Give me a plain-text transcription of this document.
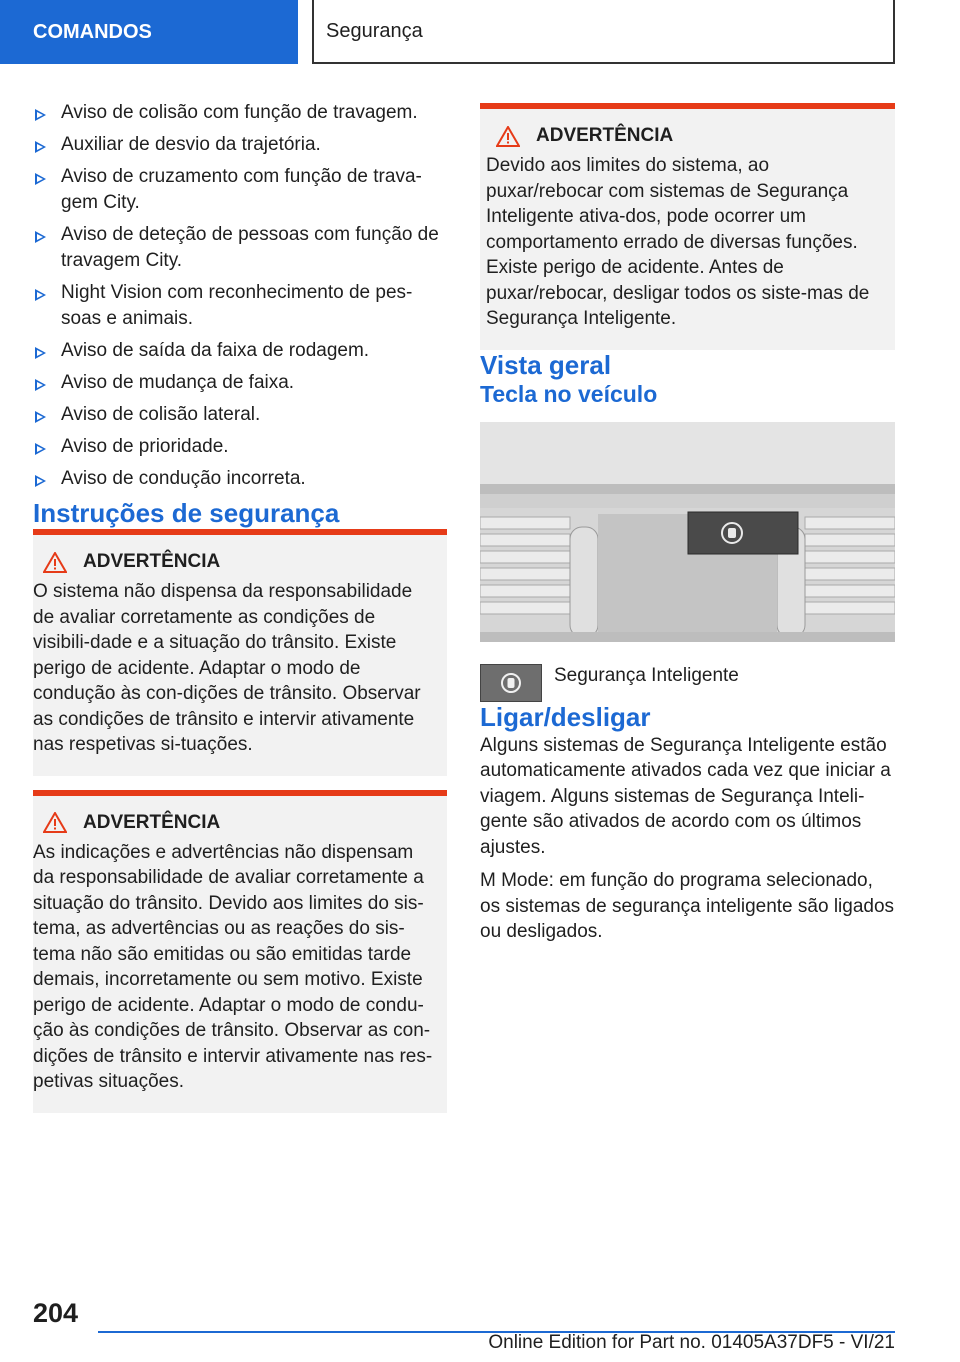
COMANDOS	Segurança
Aviso de colisão com função de travagem.
Auxiliar de desvio da trajetória.
Aviso de cruzamento com função de trava-gem City.
Aviso de deteção de pessoas com função de travagem City.
Night Vision com reconhecimento de pes-soas e animais.
Aviso de saída da faixa de rodagem.
Aviso de mudança de faixa.
Aviso de colisão lateral.
Aviso de prioridade.
Aviso de condução incorreta.
Instruções de segurança
ADVERTÊNCIA
O sistema não dispensa da responsabilidade de avaliar corretamente as condições de visibili-dade e a situação do trânsito. Existe perigo de acidente. Adaptar o modo de condução às con-dições de trânsito. Observar as condições de trânsito e intervir ativamente nas respetivas si-tuações.
ADVERTÊNCIA
As indicações e advertências não dispensam da responsabilidade de avaliar corretamente a situação do trânsito. Devido aos limites do sis-tema, as advertências ou as reações do sis-tema não são emitidas ou são emitidas tarde demais, incorretamente ou sem motivo. Existe perigo de acidente. Adaptar o modo de condu-ção às condições de trânsito. Observar as con-dições de trânsito e intervir ativamente nas res-petivas situações.
ADVERTÊNCIA
Devido aos limites do sistema, ao puxar/rebocar com sistemas de Segurança Inteligente ativa-dos, pode ocorrer um comportamento errado de diversas funções. Existe perigo de acidente. Antes de puxar/rebocar, desligar todos os siste-mas de Segurança Inteligente.
Vista geral
Tecla no veículo
Segurança Inteligente
Ligar/desligar

Alguns sistemas de Segurança Inteligente estão automaticamente ativados cada vez que iniciar a viagem. Alguns sistemas de Segurança Inteli-gente são ativados de acordo com os últimos ajustes.

M Mode: em função do programa selecionado, os sistemas de segurança inteligente são ligados ou desligados.

204
Online Edition for Part no. 01405A37DF5 - VI/21
